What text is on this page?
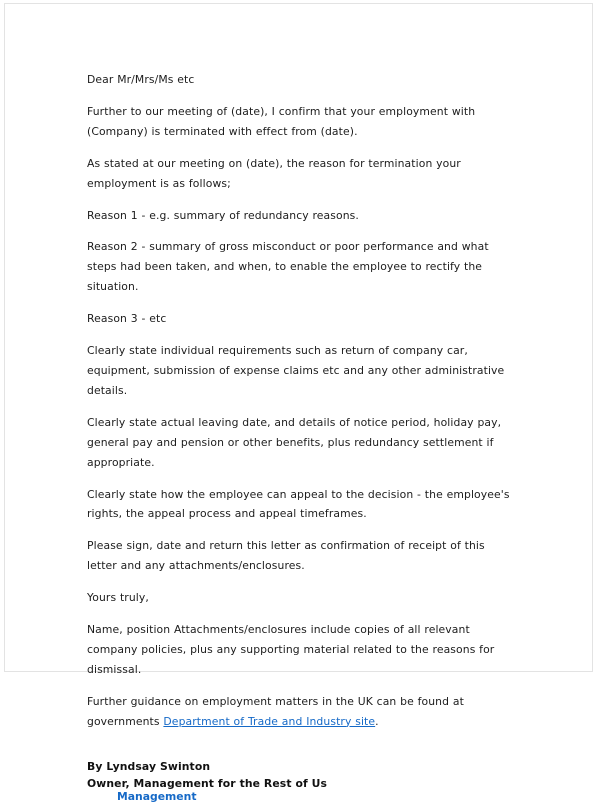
Dear Mr/Mrs/Ms etc

Further to our meeting of (date), I confirm that your employment with (Company) is terminated with effect from (date).

As stated at our meeting on (date), the reason for termination your employment is as follows;

Reason 1 - e.g. summary of redundancy reasons.

Reason 2 - summary of gross misconduct or poor performance and what steps had been taken, and when, to enable the employee to rectify the situation.

Reason 3 - etc

Clearly state individual requirements such as return of company car, equipment, submission of expense claims etc and any other administrative details.

Clearly state actual leaving date, and details of notice period, holiday pay, general pay and pension or other benefits, plus redundancy settlement if appropriate.

Clearly state how the employee can appeal to the decision - the employee's rights, the appeal process and appeal timeframes.

Please sign, date and return this letter as confirmation of receipt of this letter and any attachments/enclosures.

Yours truly,

Name, position Attachments/enclosures include copies of all relevant company policies, plus any supporting material related to the reasons for dismissal.

Further guidance on employment matters in the UK can be found at governments Department of Trade and Industry site.

By Lyndsay Swinton

Owner, Management for the Rest of Us

Management
